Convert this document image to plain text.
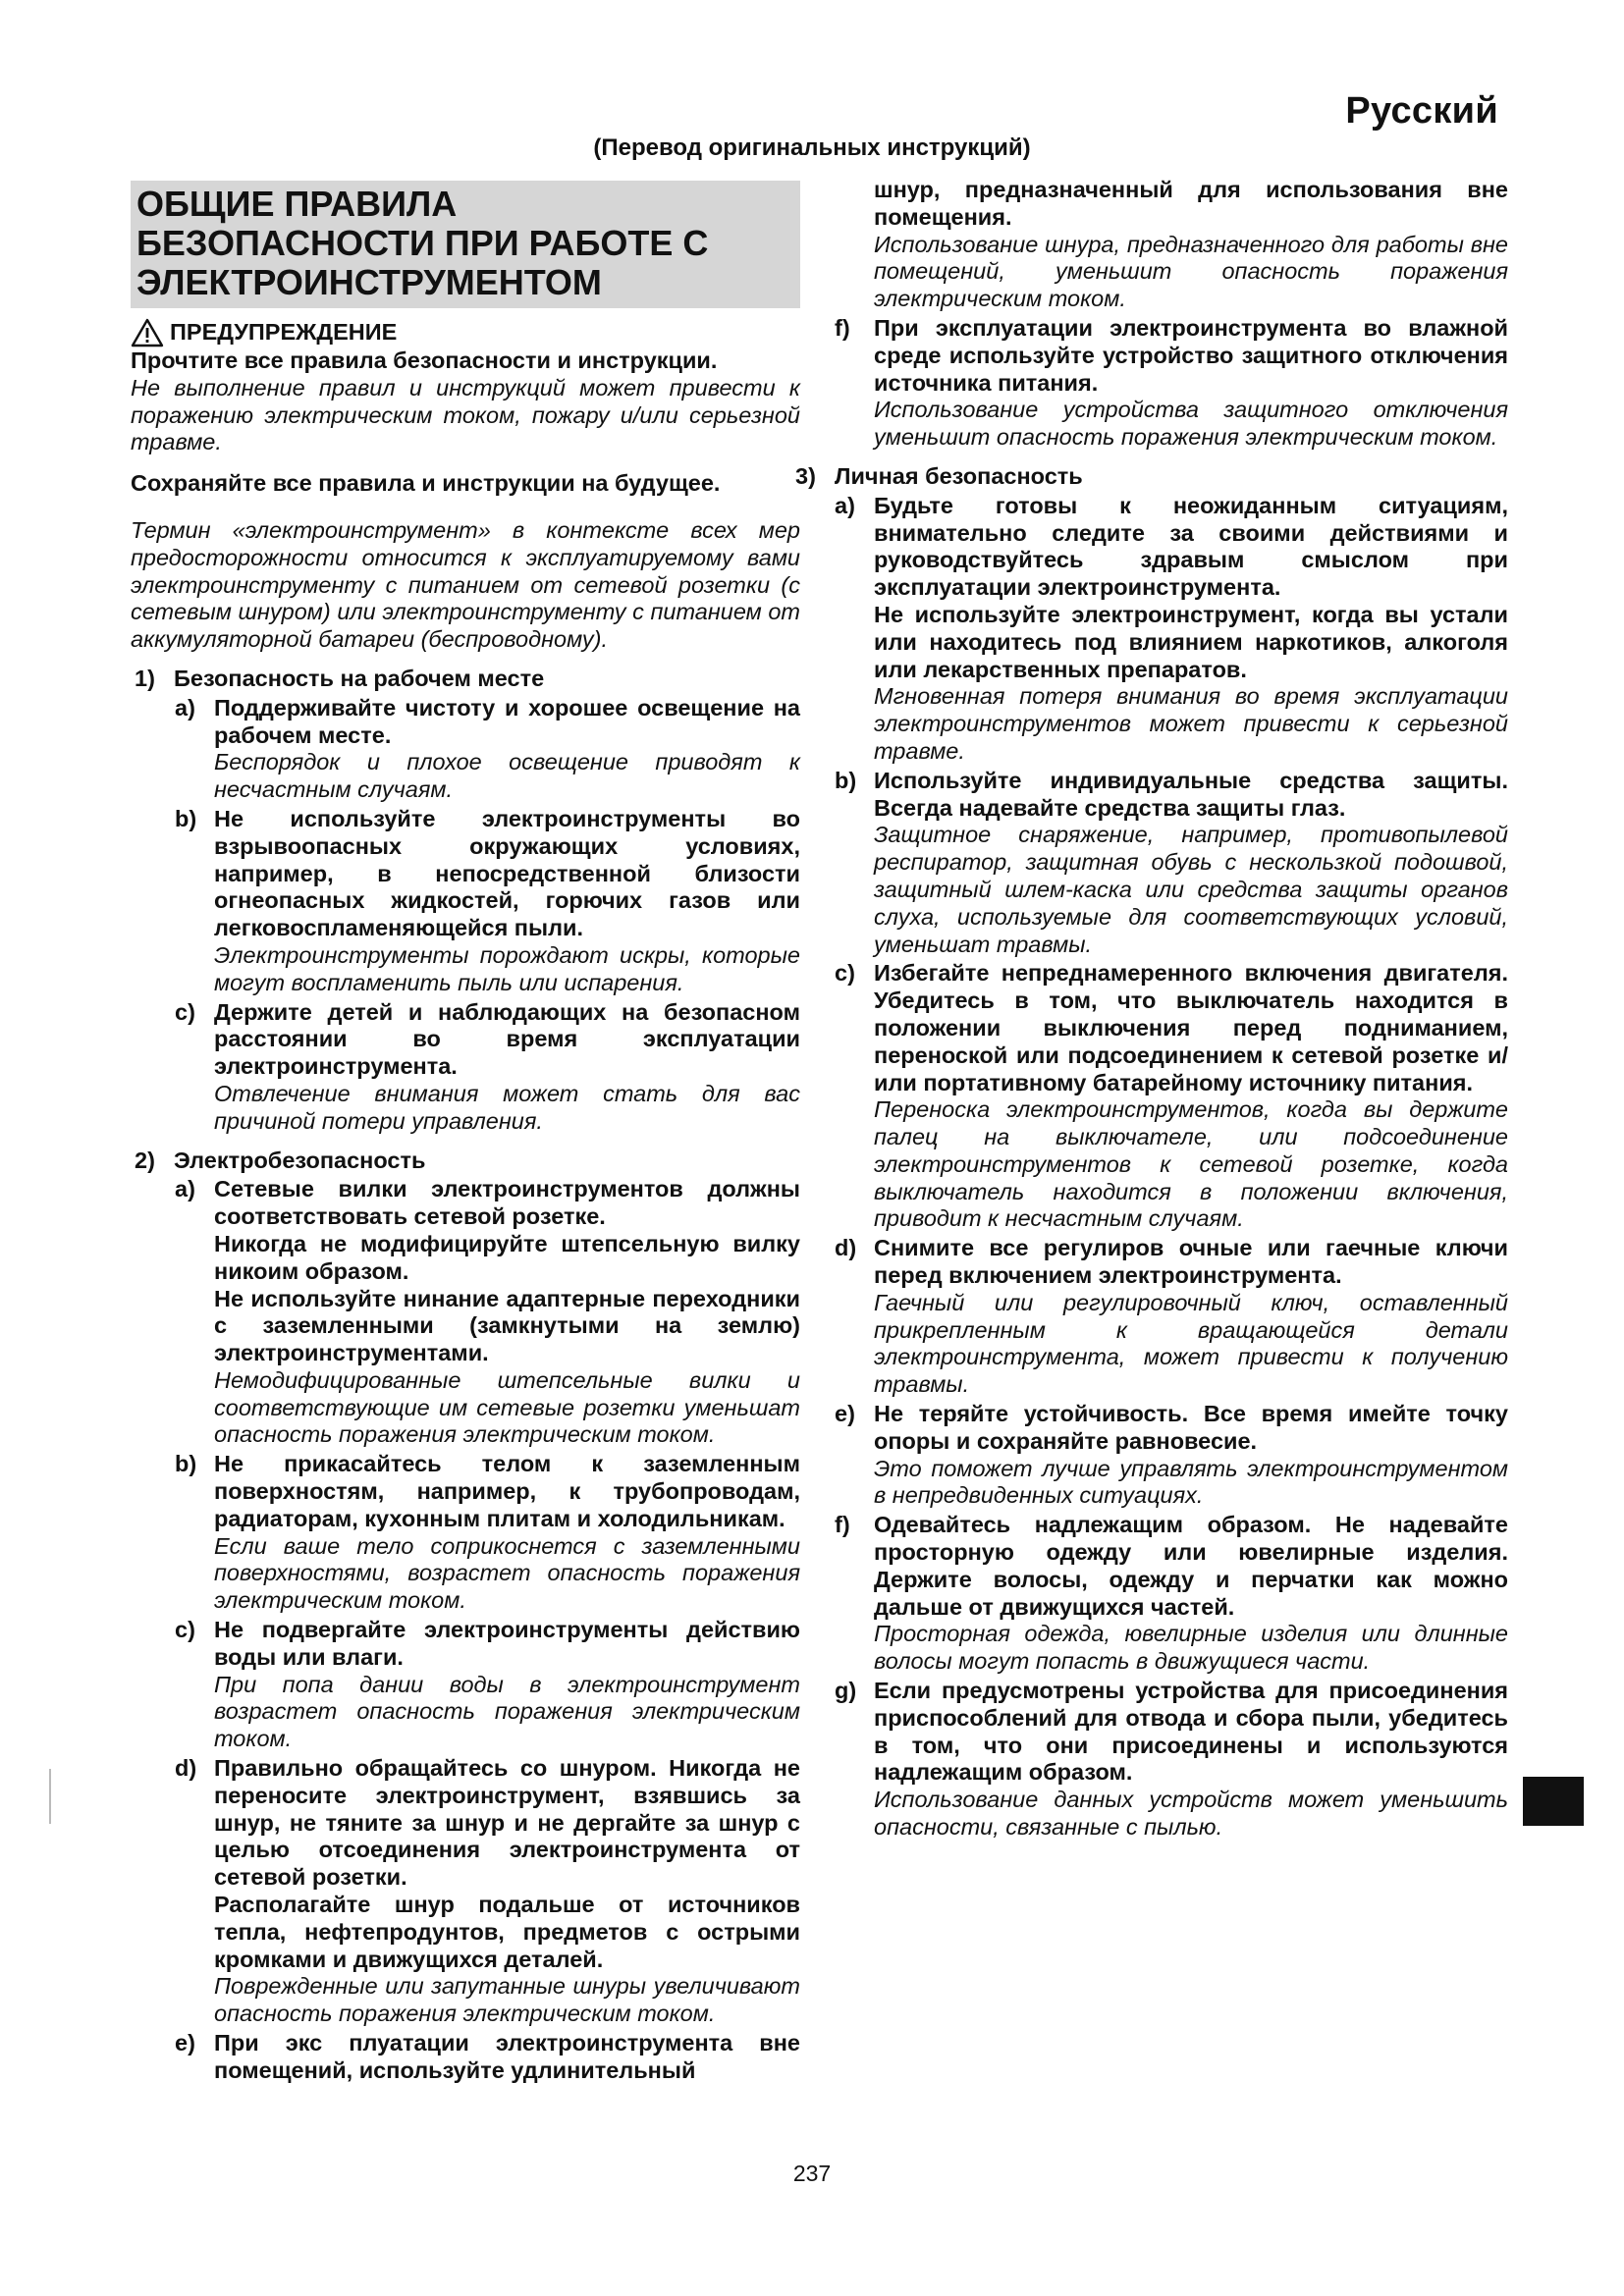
Русский
(Перевод оригинальных инструкций)
ОБЩИЕ ПРАВИЛА
БЕЗОПАСНОСТИ ПРИ РАБОТЕ С
ЭЛЕКТРОИНСТРУМЕНТОМ
ПРЕДУПРЕЖДЕНИЕ

Прочтите все правила безопасности и инструкции.

Не выполнение правил и инструкций может привести к поражению электрическим током, пожару и/или серьезной травме.

Сохраняйте все правила и инструкции на будущее.

Термин «электроинструмент» в контексте всех мер предосторожности относится к эксплуатируемому вами электроинструменту с питанием от сетевой розетки (с сетевым шнуром) или электроинструменту с питанием от аккумуляторной батареи (беспроводному).

1) Безопасность на рабочем месте
a) Поддерживайте чистоту и хорошее освещение на рабочем месте.

Беспорядок и плохое освещение приводят к несчастным случаям.

b) Не используйте электроинструменты во взрывоопасных окружающих условиях, например, в непосредственной близости огнеопасных жидкостей, горючих газов или легковоспламеняющейся пыли.

Электроинструменты порождают искры, которые могут воспламенить пыль или испарения.

c) Держите детей и наблюдающих на безопасном расстоянии во время эксплуатации электроинструмента.

Отвлечение внимания может стать для вас причиной потери управления.

2) Электробезопасность
a) Сетевые вилки электроинструментов должны соответствовать сетевой розетке.

Никогда не модифицируйте штепсельную вилку никоим образом.

Не используйте нинание адаптерные переходники с заземленными (замкнутыми на землю) электроинструментами.

Немодифицированные штепсельные вилки и соответствующие им сетевые розетки уменьшат опасность поражения электрическим током.

b) Не прикасайтесь телом к заземленным поверхностям, например, к трубопроводам, радиаторам, кухонным плитам и холодильникам.

Если ваше тело соприкоснется с заземленными поверхностями, возрастет опасность поражения электрическим током.

c) Не подвергайте электроинструменты действию воды или влаги.

При попа дании воды в электроинструмент возрастет опасность поражения электрическим током.

d) Правильно обращайтесь со шнуром. Никогда не переносите электроинструмент, взявшись за шнур, не тяните за шнур и не дергайте за шнур с целью отсоединения электроинструмента от сетевой розетки.

Располагайте шнур подальше от источников тепла, нефтепродунтов, предметов с острыми кромками и движущихся деталей.

Поврежденные или запутанные шнуры увеличивают опасность поражения электрическим током.

e) При экс плуатации электроинструмента вне помещений, используйте удлинительный

шнур, предназначенный для использования вне помещения.

Использование шнура, предназначенного для работы вне помещений, уменьшит опасность поражения электрическим током.

f)	При эксплуатации электроинструмента во влажной среде используйте устройство защитного отключения источника питания.

Использование устройства защитного отключения уменьшит опасность поражения электрическим током.

3) Личная безопасность
a) Будьте готовы к неожиданным ситуациям, внимательно следите за своими действиями и руководствуйтесь здравым смыслом при эксплуатации электроинструмента.

Не используйте электроинструмент, когда вы устали или находитесь под влиянием наркотиков, алкоголя или лекарственных препаратов.

Мгновенная потеря внимания во время эксплуатации электроинструментов может привести к серьезной травме.

b) Используйте индивидуальные средства защиты. Всегда надевайте средства защиты глаз.

Защитное снаряжение, например, противопылевой респиратор, защитная обувь с нескользкой подошвой, защитный шлем-каска или средства защиты органов слуха, используемые для соответствующих условий, уменьшат травмы.

c) Избегайте непреднамеренного включения двигателя. Убедитесь в том, что выключатель находится в положении выключения перед подниманием, переноской или подсоединением к сетевой розетке и/или портативному батарейному источнику питания.

Переноска электроинструментов, когда вы держите палец на выключателе, или подсоединение электроинструментов к сетевой розетке, когда выключатель находится в положении включения, приводит к несчастным случаям.

d) Снимите все регулиров очные или гаечные ключи перед включением электроинструмента.

Гаечный или регулировочный ключ, оставленный прикрепленным к вращающейся детали электроинструмента, может привести к получению травмы.

e) Не теряйте устойчивость. Все время имейте точку опоры и сохраняйте равновесие.

Это поможет лучше управлять электроинструментом в непредвиденных ситуациях.

f)	Одевайтесь надлежащим образом. Не надевайте просторную одежду или ювелирные изделия. Держите волосы, одежду и перчатки как можно дальше от движущихся частей.

Просторная одежда, ювелирные изделия или длинные волосы могут попасть в движущиеся части.

g) Если предусмотрены устройства для присоединения приспособлений для отвода и сбора пыли, убедитесь в том, что они присоединены и используются надлежащим образом.

Использование данных устройств может уменьшить опасности, связанные с пылью.

237
